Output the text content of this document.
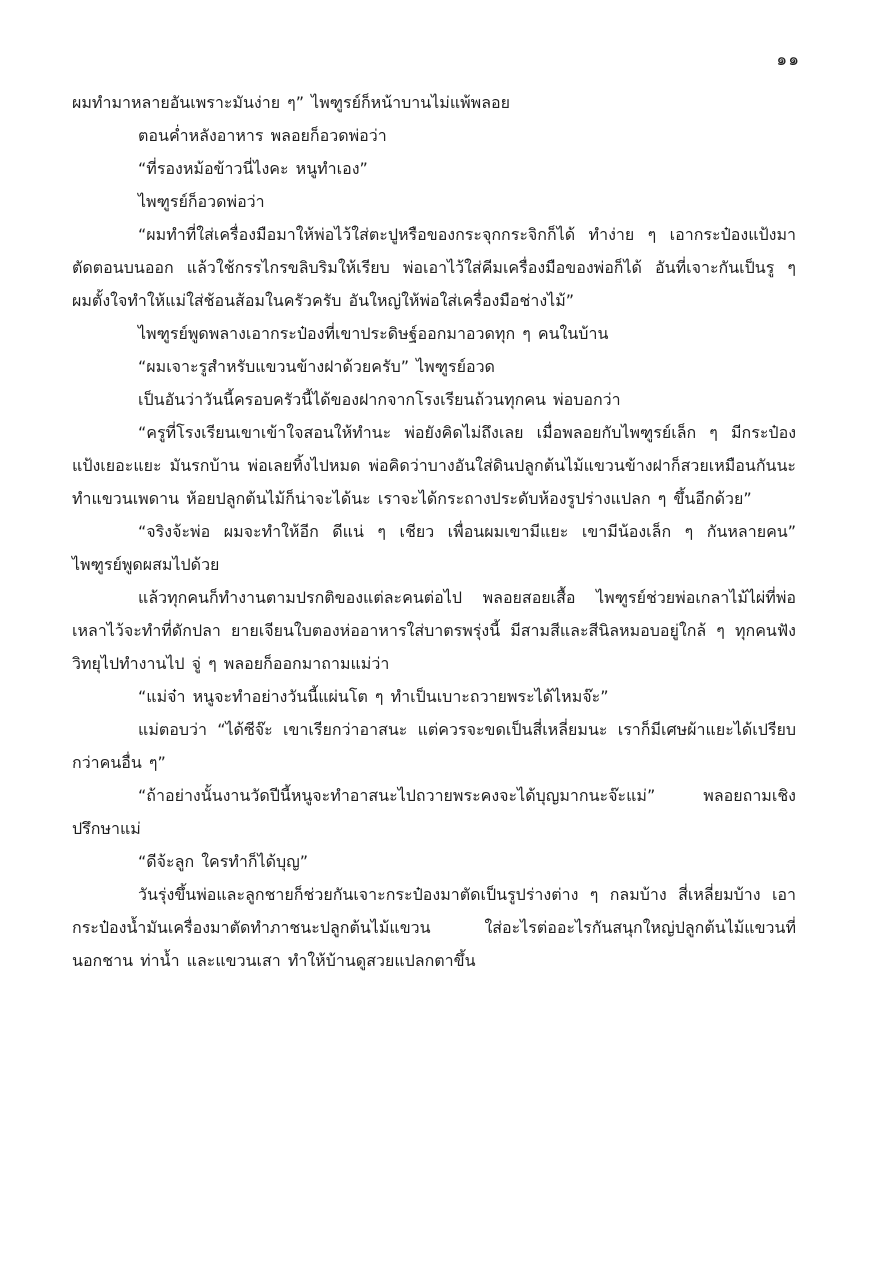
๑๑

ผมทำมาหลายอันเพราะมันง่าย ๆ” ไพฑูรย์ก็หน้าบานไม่แพ้พลอย

ตอนค่ำหลังอาหาร พลอยก็อวดพ่อว่า

“ที่รองหม้อข้าวนี่ไงคะ หนูทำเอง”

ไพฑูรย์ก็อวดพ่อว่า

“ผมทำที่ใส่เครื่องมือมาให้พ่อไว้ใส่ตะปูหรือของกระจุกกระจิกก็ได้ ทำง่าย ๆ เอากระป๋องแป้งมาตัดตอนบนออก แล้วใช้กรรไกรขลิบริมให้เรียบ พ่อเอาไว้ใส่คีมเครื่องมือของพ่อก็ได้ อันที่เจาะกันเป็นรู ๆ ผมตั้งใจทำให้แม่ใส่ช้อนส้อมในครัวครับ อันใหญ่ให้พ่อใส่เครื่องมือช่างไม้”

ไพฑูรย์พูดพลางเอากระป๋องที่เขาประดิษฐ์ออกมาอวดทุก ๆ คนในบ้าน

“ผมเจาะรูสำหรับแขวนข้างฝาด้วยครับ” ไพฑูรย์อวด

เป็นอันว่าวันนี้ครอบครัวนี้ได้ของฝากจากโรงเรียนถ้วนทุกคน พ่อบอกว่า

“ครูที่โรงเรียนเขาเข้าใจสอนให้ทำนะ พ่อยังคิดไม่ถึงเลย เมื่อพลอยกับไพฑูรย์เล็ก ๆ มีกระป๋องแป้งเยอะแยะ มันรกบ้าน พ่อเลยทิ้งไปหมด พ่อคิดว่าบางอันใส่ดินปลูกต้นไม้แขวนข้างฝาก็สวยเหมือนกันนะ ทำแขวนเพดาน ห้อยปลูกต้นไม้ก็น่าจะได้นะ เราจะได้กระถางประดับห้องรูปร่างแปลก ๆ ขึ้นอีกด้วย”

“จริงจ้ะพ่อ ผมจะทำให้อีก ดีแน่ ๆ เชียว เพื่อนผมเขามีแยะ เขามีน้องเล็ก ๆ กันหลายคน” ไพฑูรย์พูดผสมไปด้วย

แล้วทุกคนก็ทำงานตามปรกติของแต่ละคนต่อไป พลอยสอยเสื้อ ไพฑูรย์ช่วยพ่อเกลาไม้ไผ่ที่พ่อเหลาไว้จะทำที่ดักปลา ยายเจียนใบตองห่ออาหารใส่บาตรพรุ่งนี้ มีสามสีและสีนิลหมอบอยู่ใกล้ ๆ ทุกคนฟังวิทยุไปทำงานไป จู่ ๆ พลอยก็ออกมาถามแม่ว่า

“แม่จ๋า หนูจะทำอย่างวันนี้แผ่นโต ๆ ทำเป็นเบาะถวายพระได้ไหมจ๊ะ”

แม่ตอบว่า “ได้ซีจ๊ะ เขาเรียกว่าอาสนะ แต่ควรจะขดเป็นสี่เหลี่ยมนะ เราก็มีเศษผ้าแยะได้เปรียบกว่าคนอื่น ๆ”

“ถ้าอย่างนั้นงานวัดปีนี้หนูจะทำอาสนะไปถวายพระคงจะได้บุญมากนะจ๊ะแม่” พลอยถามเชิงปรึกษาแม่

“ดีจ้ะลูก ใครทำก็ได้บุญ”

วันรุ่งขึ้นพ่อและลูกชายก็ช่วยกันเจาะกระป๋องมาตัดเป็นรูปร่างต่าง ๆ กลมบ้าง สี่เหลี่ยมบ้าง เอากระป๋องน้ำมันเครื่องมาตัดทำภาชนะปลูกต้นไม้แขวน ใส่อะไรต่ออะไรกันสนุกใหญ่ปลูกต้นไม้แขวนที่นอกชาน ท่าน้ำ และแขวนเสา ทำให้บ้านดูสวยแปลกตาขึ้น
